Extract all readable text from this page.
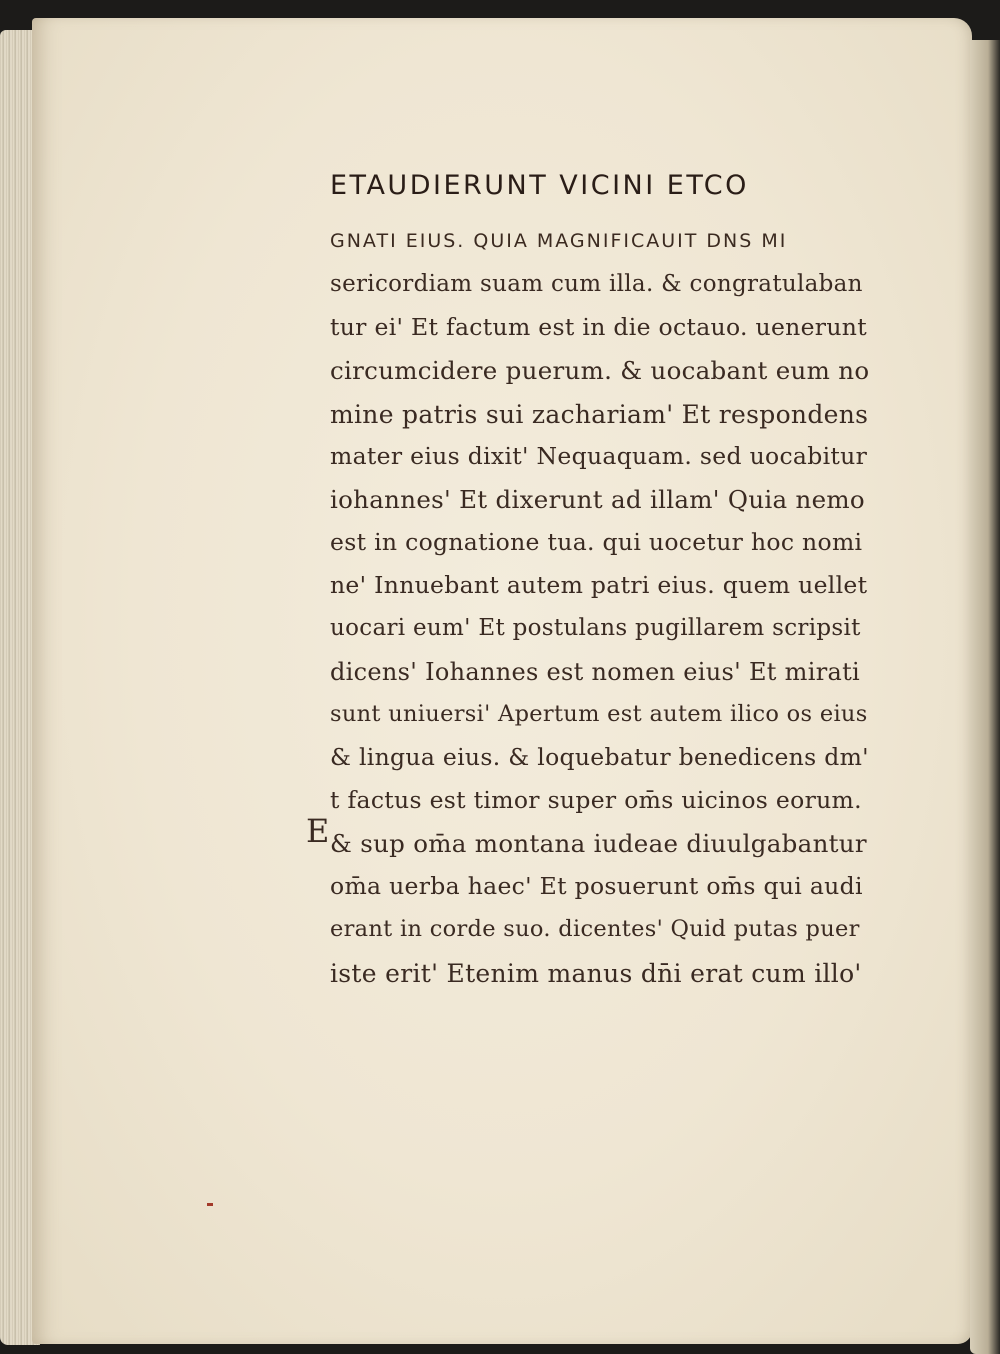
ETAUDIERUNT VICINI ETCO
GNATI EIUS. QUIA MAGNIFICAUIT DNS MI
sericordiam suam cum illa. & congratulaban
tur ei' Et factum est in die octauo. uenerunt
circumcidere puerum. & uocabant eum no
mine patris sui zachariam' Et respondens
mater eius dixit' Nequaquam. sed uocabitur
iohannes' Et dixerunt ad illam' Quia nemo
est in cognatione tua. qui uocetur hoc nomi
ne' Innuebant autem patri eius. quem uellet
uocari eum' Et postulans pugillarem scripsit
dicens' Iohannes est nomen eius' Et mirati
sunt uniuersi' Apertum est autem ilico os eius
& lingua eius. & loquebatur benedicens dm'
t factus est timor super om̄s uicinos eorum.
& sup om̄a montana iudeae diuulgabantur
om̄a uerba haec' Et posuerunt om̄s qui audi
erant in corde suo. dicentes' Quid putas puer
iste erit' Etenim manus dn̄i erat cum illo'
E
